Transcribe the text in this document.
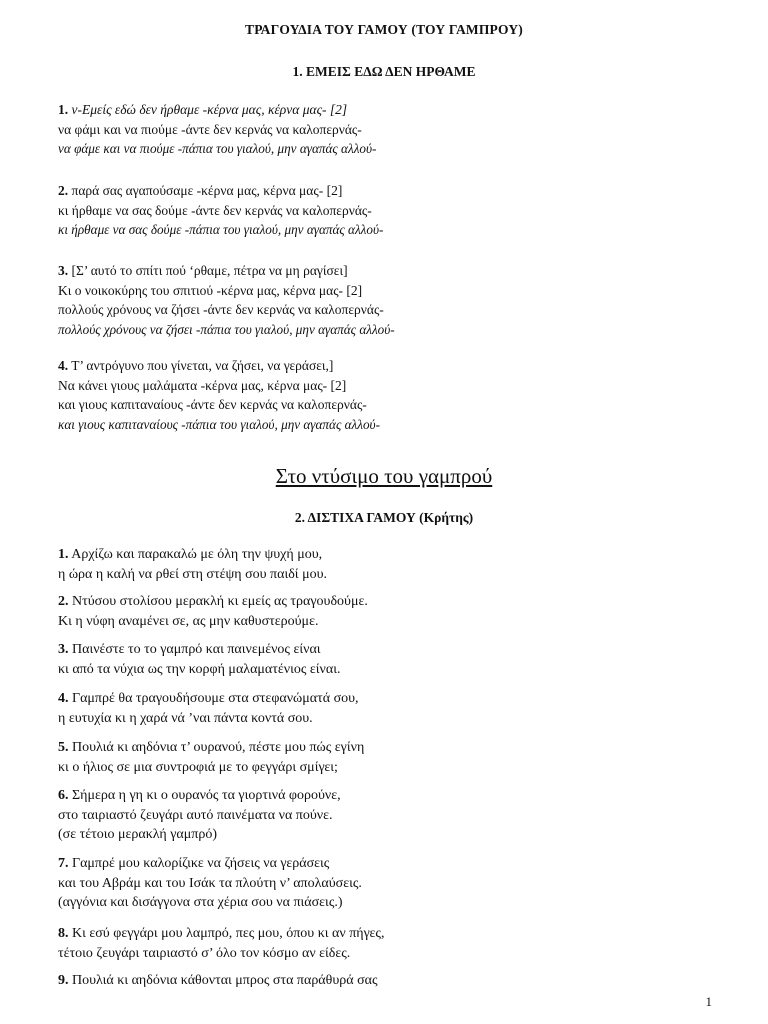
ΤΡΑΓΟΥΔΙΑ ΤΟΥ ΓΑΜΟΥ (ΤΟΥ ΓΑΜΠΡΟΥ)
1. ΕΜΕΙΣ ΕΔΩ ΔΕΝ ΗΡΘΑΜΕ
1. ν-Εμείς εδώ δεν ήρθαμε -κέρνα μας, κέρνα μας- [2]
να φάμι και να πιούμε -άντε δεν κερνάς να καλοπερνάς-
να φάμε και να πιούμε -πάπια του γιαλού, μην αγαπάς αλλού-
2. παρά σας αγαπούσαμε -κέρνα μας, κέρνα μας- [2]
κι ήρθαμε να σας δούμε -άντε δεν κερνάς να καλοπερνάς-
κι ήρθαμε να σας δούμε -πάπια του γιαλού, μην αγαπάς αλλού-
3. [Σ’ αυτό το σπίτι πού ‘ρθαμε, πέτρα να μη ραγίσει]
Κι ο νοικοκύρης του σπιτιού -κέρνα μας, κέρνα μας- [2]
πολλούς χρόνους να ζήσει -άντε δεν κερνάς να καλοπερνάς-
πολλούς χρόνους να ζήσει -πάπια του γιαλού, μην αγαπάς αλλού-
4. Τ’ αντρόγυνο που γίνεται, να ζήσει, να γεράσει,]
Να κάνει γιους μαλάματα -κέρνα μας, κέρνα μας- [2]
και γιους καπιταναίους -άντε δεν κερνάς να καλοπερνάς-
και γιους καπιταναίους -πάπια του γιαλού, μην αγαπάς αλλού-
Στο ντύσιμο του γαμπρού
2. ΔΙΣΤΙΧΑ ΓΑΜΟΥ (Κρήτης)
1. Αρχίζω και παρακαλώ με όλη την ψυχή μου,
η ώρα η καλή να ρθεί στη στέψη σου παιδί μου.
2. Ντύσου στολίσου μερακλή κι εμείς ας τραγουδούμε.
Κι η νύφη αναμένει σε, ας μην καθυστερούμε.
3. Παινέστε το το γαμπρό και παινεμένος είναι
κι από τα νύχια ως την κορφή μαλαματένιος είναι.
4. Γαμπρέ θα τραγουδήσουμε στα στεφανώματά σου,
η ευτυχία κι η χαρά νά ’ναι πάντα κοντά σου.
5. Πουλιά κι αηδόνια τ’ ουρανού, πέστε μου πώς εγίνη
κι ο ήλιος σε μια συντροφιά με το φεγγάρι σμίγει;
6. Σήμερα η γη κι ο ουρανός τα γιορτινά φορούνε,
στο ταιριαστό ζευγάρι αυτό παινέματα να πούνε.
(σε τέτοιο μερακλή γαμπρό)
7. Γαμπρέ μου καλορίζικε να ζήσεις να γεράσεις
και του Αβράμ και του Ισάκ τα πλούτη ν’ απολαύσεις.
(αγγόνια και δισάγγονα στα χέρια σου να πιάσεις.)
8. Κι εσύ φεγγάρι μου λαμπρό, πες μου, όπου κι αν πήγες,
τέτοιο ζευγάρι ταιριαστό σ’ όλο τον κόσμο αν είδες.
9. Πουλιά κι αηδόνια κάθονται μπρος στα παράθυρά σας
1
